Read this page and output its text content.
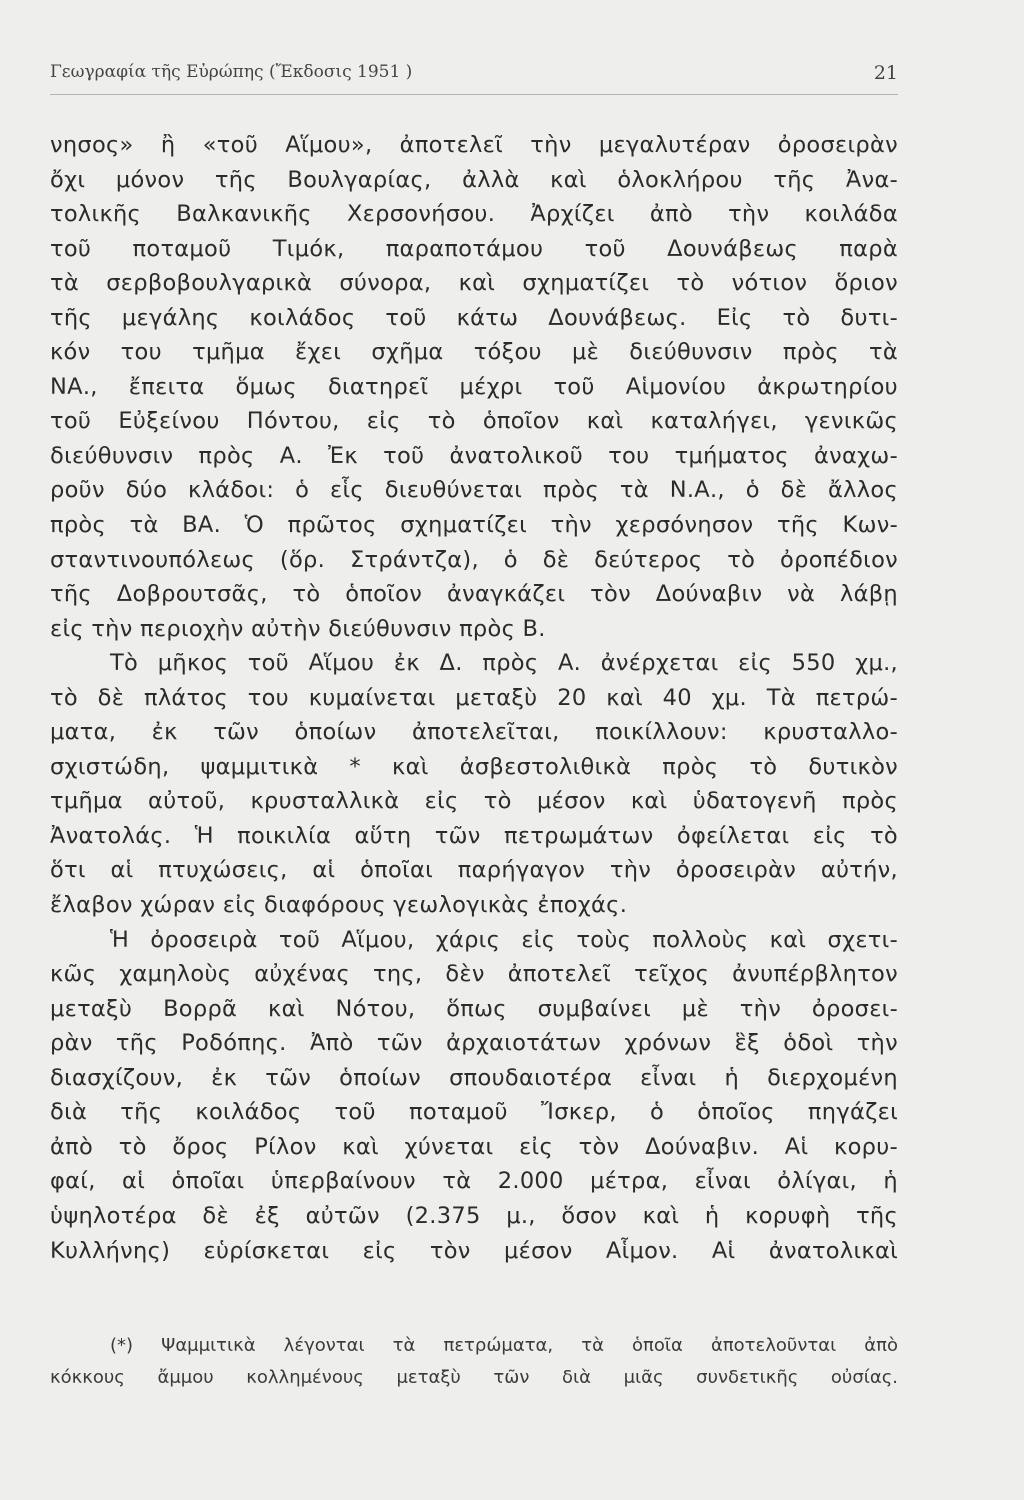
Γεωγραφία τῆς Εὐρώπης (Ἔκδοσις 1951 )	21
νησος» ἢ «τοῦ Αἵμου», ἀποτελεῖ τὴν μεγαλυτέραν ὀροσειρὰν
ὄχι μόνον τῆς Βουλγαρίας, ἀλλὰ καὶ ὁλοκλήρου τῆς Ἀνα-
τολικῆς Βαλκανικῆς Χερσονήσου. Ἀρχίζει ἀπὸ τὴν κοιλάδα
τοῦ ποταμοῦ Τιμόκ, παραποτάμου τοῦ Δουνάβεως παρὰ
τὰ σερβοβουλγαρικὰ σύνορα, καὶ σχηματίζει τὸ νότιον ὅριον
τῆς μεγάλης κοιλάδος τοῦ κάτω Δουνάβεως. Εἰς τὸ δυτι-
κόν του τμῆμα ἔχει σχῆμα τόξου μὲ διεύθυνσιν πρὸς τὰ
ΝΑ., ἔπειτα ὅμως διατηρεῖ μέχρι τοῦ Αἱμονίου ἀκρωτηρίου
τοῦ Εὐξείνου Πόντου, εἰς τὸ ὁποῖον καὶ καταλήγει, γενικῶς
διεύθυνσιν πρὸς Α. Ἐκ τοῦ ἀνατολικοῦ του τμήματος ἀναχω-
ροῦν δύο κλάδοι: ὁ εἷς διευθύνεται πρὸς τὰ Ν.Α., ὁ δὲ ἄλλος
πρὸς τὰ ΒΑ. Ὁ πρῶτος σχηματίζει τὴν χερσόνησον τῆς Κων-
σταντινουπόλεως (ὅρ. Στράντζα), ὁ δὲ δεύτερος τὸ ὀροπέδιον
τῆς Δοβρουτσᾶς, τὸ ὁποῖον ἀναγκάζει τὸν Δούναβιν νὰ λάβῃ
εἰς τὴν περιοχὴν αὐτὴν διεύθυνσιν πρὸς Β.
Τὸ μῆκος τοῦ Αἵμου ἐκ Δ. πρὸς Α. ἀνέρχεται εἰς 550 χμ.,
τὸ δὲ πλάτος του κυμαίνεται μεταξὺ 20 καὶ 40 χμ. Τὰ πετρώ-
ματα, ἐκ τῶν ὁποίων ἀποτελεῖται, ποικίλλουν: κρυσταλλο-
σχιστώδη, ψαμμιτικὰ * καὶ ἀσβεστολιθικὰ πρὸς τὸ δυτικὸν
τμῆμα αὐτοῦ, κρυσταλλικὰ εἰς τὸ μέσον καὶ ὑδατογενῆ πρὸς
Ἀνατολάς. Ἡ ποικιλία αὕτη τῶν πετρωμάτων ὀφείλεται εἰς τὸ
ὅτι αἱ πτυχώσεις, αἱ ὁποῖαι παρήγαγον τὴν ὀροσειρὰν αὐτήν,
ἔλαβον χώραν εἰς διαφόρους γεωλογικὰς ἐποχάς.
Ἡ ὀροσειρὰ τοῦ Αἵμου, χάρις εἰς τοὺς πολλοὺς καὶ σχετι-
κῶς χαμηλοὺς αὐχένας της, δὲν ἀποτελεῖ τεῖχος ἀνυπέρβλητον
μεταξὺ Βορρᾶ καὶ Νότου, ὅπως συμβαίνει μὲ τὴν ὀροσει-
ρὰν τῆς Ροδόπης. Ἀπὸ τῶν ἀρχαιοτάτων χρόνων ἓξ ὁδοὶ τὴν
διασχίζουν, ἐκ τῶν ὁποίων σπουδαιοτέρα εἶναι ἡ διερχομένη
διὰ τῆς κοιλάδος τοῦ ποταμοῦ Ἴσκερ, ὁ ὁποῖος πηγάζει
ἀπὸ τὸ ὄρος Ρίλον καὶ χύνεται εἰς τὸν Δούναβιν. Αἱ κορυ-
φαί, αἱ ὁποῖαι ὑπερβαίνουν τὰ 2.000 μέτρα, εἶναι ὀλίγαι, ἡ
ὑψηλοτέρα δὲ ἐξ αὐτῶν (2.375 μ., ὅσον καὶ ἡ κορυφὴ τῆς
Κυλλήνης) εὑρίσκεται εἰς τὸν μέσον Αἷμον. Αἱ ἀνατολικαὶ
(*) Ψαμμιτικὰ λέγονται τὰ πετρώματα, τὰ ὁποῖα ἀποτελοῦνται ἀπὸ
κόκκους ἄμμου κολλημένους μεταξὺ τῶν διὰ μιᾶς συνδετικῆς οὐσίας.
